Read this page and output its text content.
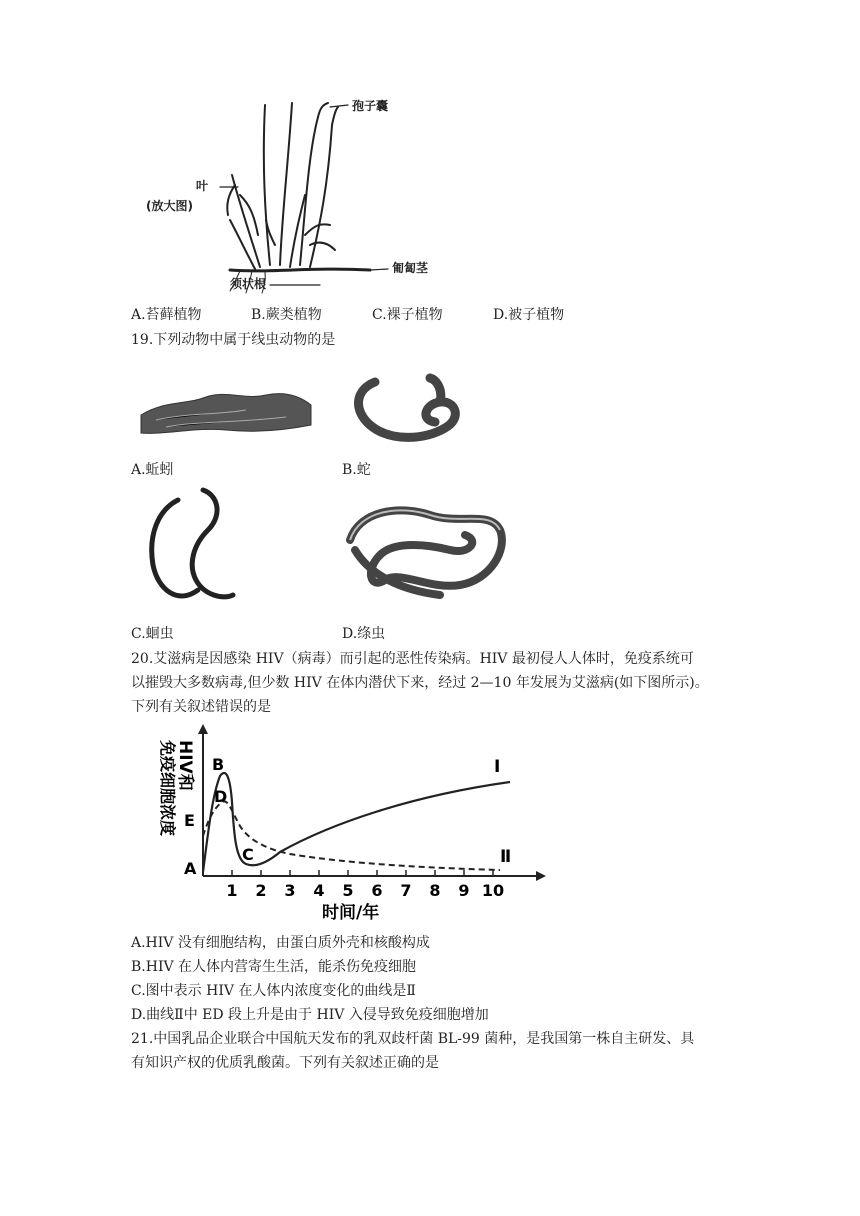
孢子囊
叶
(放大图)
匍匐茎
须状根
A.苔藓植物	B.蕨类植物	C.裸子植物	D.被子植物
19.下列动物中属于线虫动物的是
A.蚯蚓	B.蛇
C.蛔虫	D.绦虫
20.艾滋病是因感染 HIV（病毒）而引起的恶性传染病。HIV 最初侵人人体时，免疫系统可
以摧毁大多数病毒,但少数 HIV 在体内潜伏下来，经过 2—10 年发展为艾滋病(如下图所示)。
下列有关叙述错误的是
HIV和
免疫细胞浓度
1 2 3 4 5 6 7 8 9 10
A
B
C
D
E
Ⅰ
Ⅱ
时间/年
A.HIV 没有细胞结构，由蛋白质外壳和核酸构成
B.HIV 在人体内营寄生生活，能杀伤免疫细胞
C.图中表示 HIV 在人体内浓度变化的曲线是Ⅱ
D.曲线Ⅱ中 ED 段上升是由于 HIV 入侵导致免疫细胞增加
21.中国乳品企业联合中国航天发布的乳双歧杆菌 BL-99 菌种，是我国第一株自主研发、具
有知识产权的优质乳酸菌。下列有关叙述正确的是
